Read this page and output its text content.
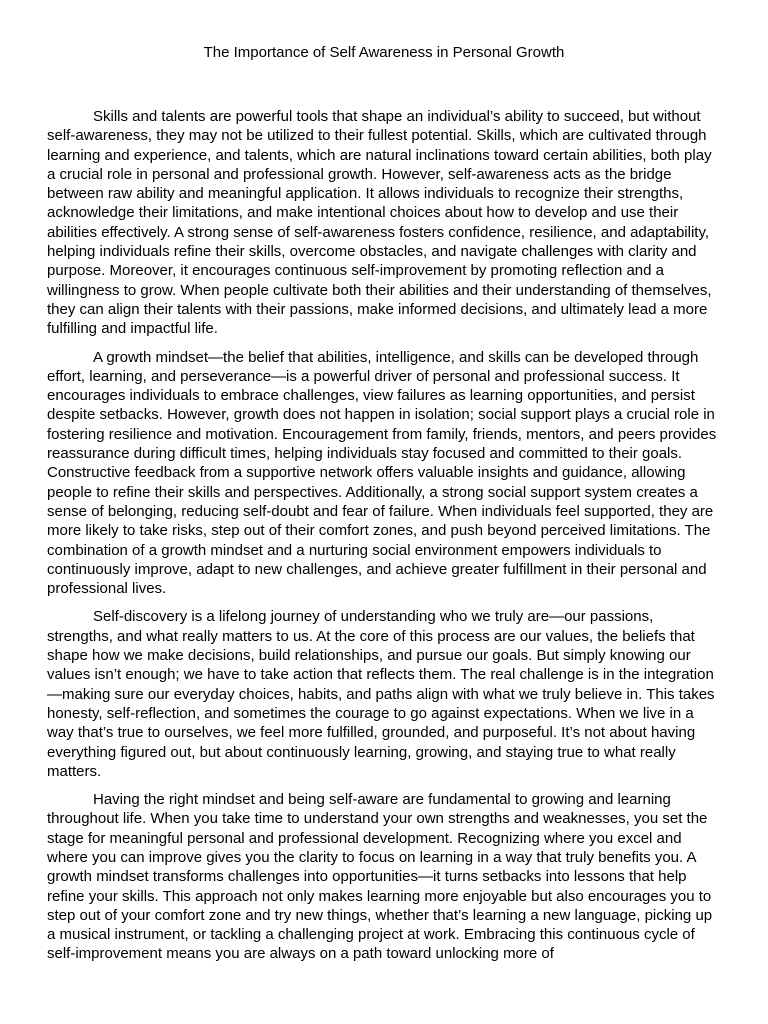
The Importance of Self Awareness in Personal Growth

Skills and talents are powerful tools that shape an individual’s ability to succeed, but without self-awareness, they may not be utilized to their fullest potential. Skills, which are cultivated through learning and experience, and talents, which are natural inclinations toward certain abilities, both play a crucial role in personal and professional growth. However, self-awareness acts as the bridge between raw ability and meaningful application. It allows individuals to recognize their strengths, acknowledge their limitations, and make intentional choices about how to develop and use their abilities effectively. A strong sense of self-awareness fosters confidence, resilience, and adaptability, helping individuals refine their skills, overcome obstacles, and navigate challenges with clarity and purpose. Moreover, it encourages continuous self-improvement by promoting reflection and a willingness to grow. When people cultivate both their abilities and their understanding of themselves, they can align their talents with their passions, make informed decisions, and ultimately lead a more fulfilling and impactful life.

A growth mindset—the belief that abilities, intelligence, and skills can be developed through effort, learning, and perseverance—is a powerful driver of personal and professional success. It encourages individuals to embrace challenges, view failures as learning opportunities, and persist despite setbacks. However, growth does not happen in isolation; social support plays a crucial role in fostering resilience and motivation. Encouragement from family, friends, mentors, and peers provides reassurance during difficult times, helping individuals stay focused and committed to their goals. Constructive feedback from a supportive network offers valuable insights and guidance, allowing people to refine their skills and perspectives. Additionally, a strong social support system creates a sense of belonging, reducing self-doubt and fear of failure. When individuals feel supported, they are more likely to take risks, step out of their comfort zones, and push beyond perceived limitations. The combination of a growth mindset and a nurturing social environment empowers individuals to continuously improve, adapt to new challenges, and achieve greater fulfillment in their personal and professional lives.

Self-discovery is a lifelong journey of understanding who we truly are—our passions, strengths, and what really matters to us. At the core of this process are our values, the beliefs that shape how we make decisions, build relationships, and pursue our goals. But simply knowing our values isn’t enough; we have to take action that reflects them. The real challenge is in the integration—making sure our everyday choices, habits, and paths align with what we truly believe in. This takes honesty, self-reflection, and sometimes the courage to go against expectations. When we live in a way that’s true to ourselves, we feel more fulfilled, grounded, and purposeful. It’s not about having everything figured out, but about continuously learning, growing, and staying true to what really matters.

Having the right mindset and being self-aware are fundamental to growing and learning throughout life. When you take time to understand your own strengths and weaknesses, you set the stage for meaningful personal and professional development. Recognizing where you excel and where you can improve gives you the clarity to focus on learning in a way that truly benefits you. A growth mindset transforms challenges into opportunities—it turns setbacks into lessons that help refine your skills. This approach not only makes learning more enjoyable but also encourages you to step out of your comfort zone and try new things, whether that’s learning a new language, picking up a musical instrument, or tackling a challenging project at work. Embracing this continuous cycle of self-improvement means you are always on a path toward unlocking more of
